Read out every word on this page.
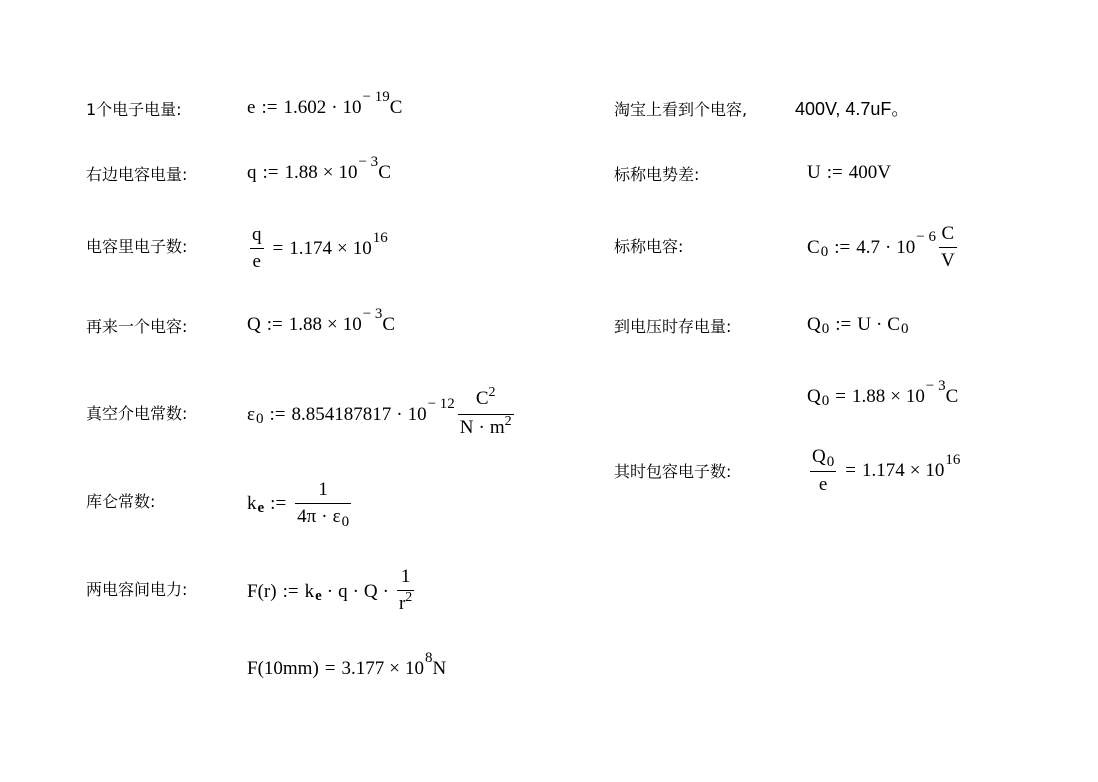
1个电子电量:	e := 1.602 · 10 − 19 C
右边电容电量:	q := 1.88 × 10 − 3 C
电容里电子数:	$\frac{q}{e} = 1.174 \times 10$ 16
再来一个电容:	Q := 1.88 × 10 − 3 C
真空介电常数:	ε 0 := $8.854187817 \cdot 10 - 12 \frac{C2}{N \cdot m2}$
库仑常数:	k e := $\frac{1}{4\pi \cdot \varepsilon 0}$
两电容间电力:	F(r) := k $e \cdot q \cdot Q \cdot \frac{1}{r2}$
F(10mm) = 3.177 × 10 8 N
淘宝上看到个电容,	400V, 4.7uF。
标称电势差:	U := 400V
标称电容:	C 0 := $4.7 \cdot 10 - 6 \frac{C}{V}$
到电压时存电量:	Q 0 := U · C 0
Q 0 = 1.88 × 10 − 3 C
其时包容电子数:	$\frac{Q0}{e} = 1.174 \times 10$ 16
